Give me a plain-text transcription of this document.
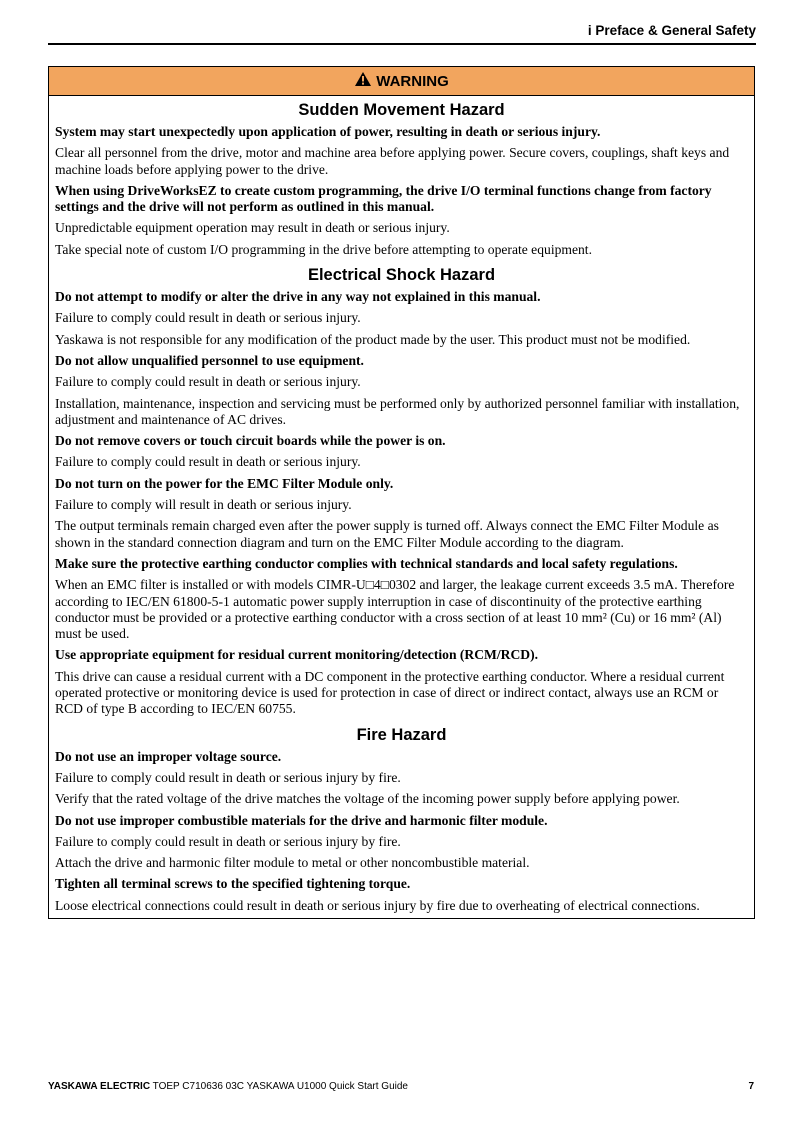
i Preface & General Safety
WARNING
Sudden Movement Hazard
System may start unexpectedly upon application of power, resulting in death or serious injury.
Clear all personnel from the drive, motor and machine area before applying power. Secure covers, couplings, shaft keys and machine loads before applying power to the drive.
When using DriveWorksEZ to create custom programming, the drive I/O terminal functions change from factory settings and the drive will not perform as outlined in this manual.
Unpredictable equipment operation may result in death or serious injury.
Take special note of custom I/O programming in the drive before attempting to operate equipment.
Electrical Shock Hazard
Do not attempt to modify or alter the drive in any way not explained in this manual.
Failure to comply could result in death or serious injury.
Yaskawa is not responsible for any modification of the product made by the user. This product must not be modified.
Do not allow unqualified personnel to use equipment.
Failure to comply could result in death or serious injury.
Installation, maintenance, inspection and servicing must be performed only by authorized personnel familiar with installation, adjustment and maintenance of AC drives.
Do not remove covers or touch circuit boards while the power is on.
Failure to comply could result in death or serious injury.
Do not turn on the power for the EMC Filter Module only.
Failure to comply will result in death or serious injury.
The output terminals remain charged even after the power supply is turned off. Always connect the EMC Filter Module as shown in the standard connection diagram and turn on the EMC Filter Module according to the diagram.
Make sure the protective earthing conductor complies with technical standards and local safety regulations.
When an EMC filter is installed or with models CIMR-U□4□0302 and larger, the leakage current exceeds 3.5 mA. Therefore according to IEC/EN 61800-5-1 automatic power supply interruption in case of discontinuity of the protective earthing conductor must be provided or a protective earthing conductor with a cross section of at least 10 mm² (Cu) or 16 mm² (Al) must be used.
Use appropriate equipment for residual current monitoring/detection (RCM/RCD).
This drive can cause a residual current with a DC component in the protective earthing conductor. Where a residual current operated protective or monitoring device is used for protection in case of direct or indirect contact, always use an RCM or RCD of type B according to IEC/EN 60755.
Fire Hazard
Do not use an improper voltage source.
Failure to comply could result in death or serious injury by fire.
Verify that the rated voltage of the drive matches the voltage of the incoming power supply before applying power.
Do not use improper combustible materials for the drive and harmonic filter module.
Failure to comply could result in death or serious injury by fire.
Attach the drive and harmonic filter module to metal or other noncombustible material.
Tighten all terminal screws to the specified tightening torque.
Loose electrical connections could result in death or serious injury by fire due to overheating of electrical connections.
YASKAWA ELECTRIC TOEP C710636 03C YASKAWA U1000 Quick Start Guide	7
